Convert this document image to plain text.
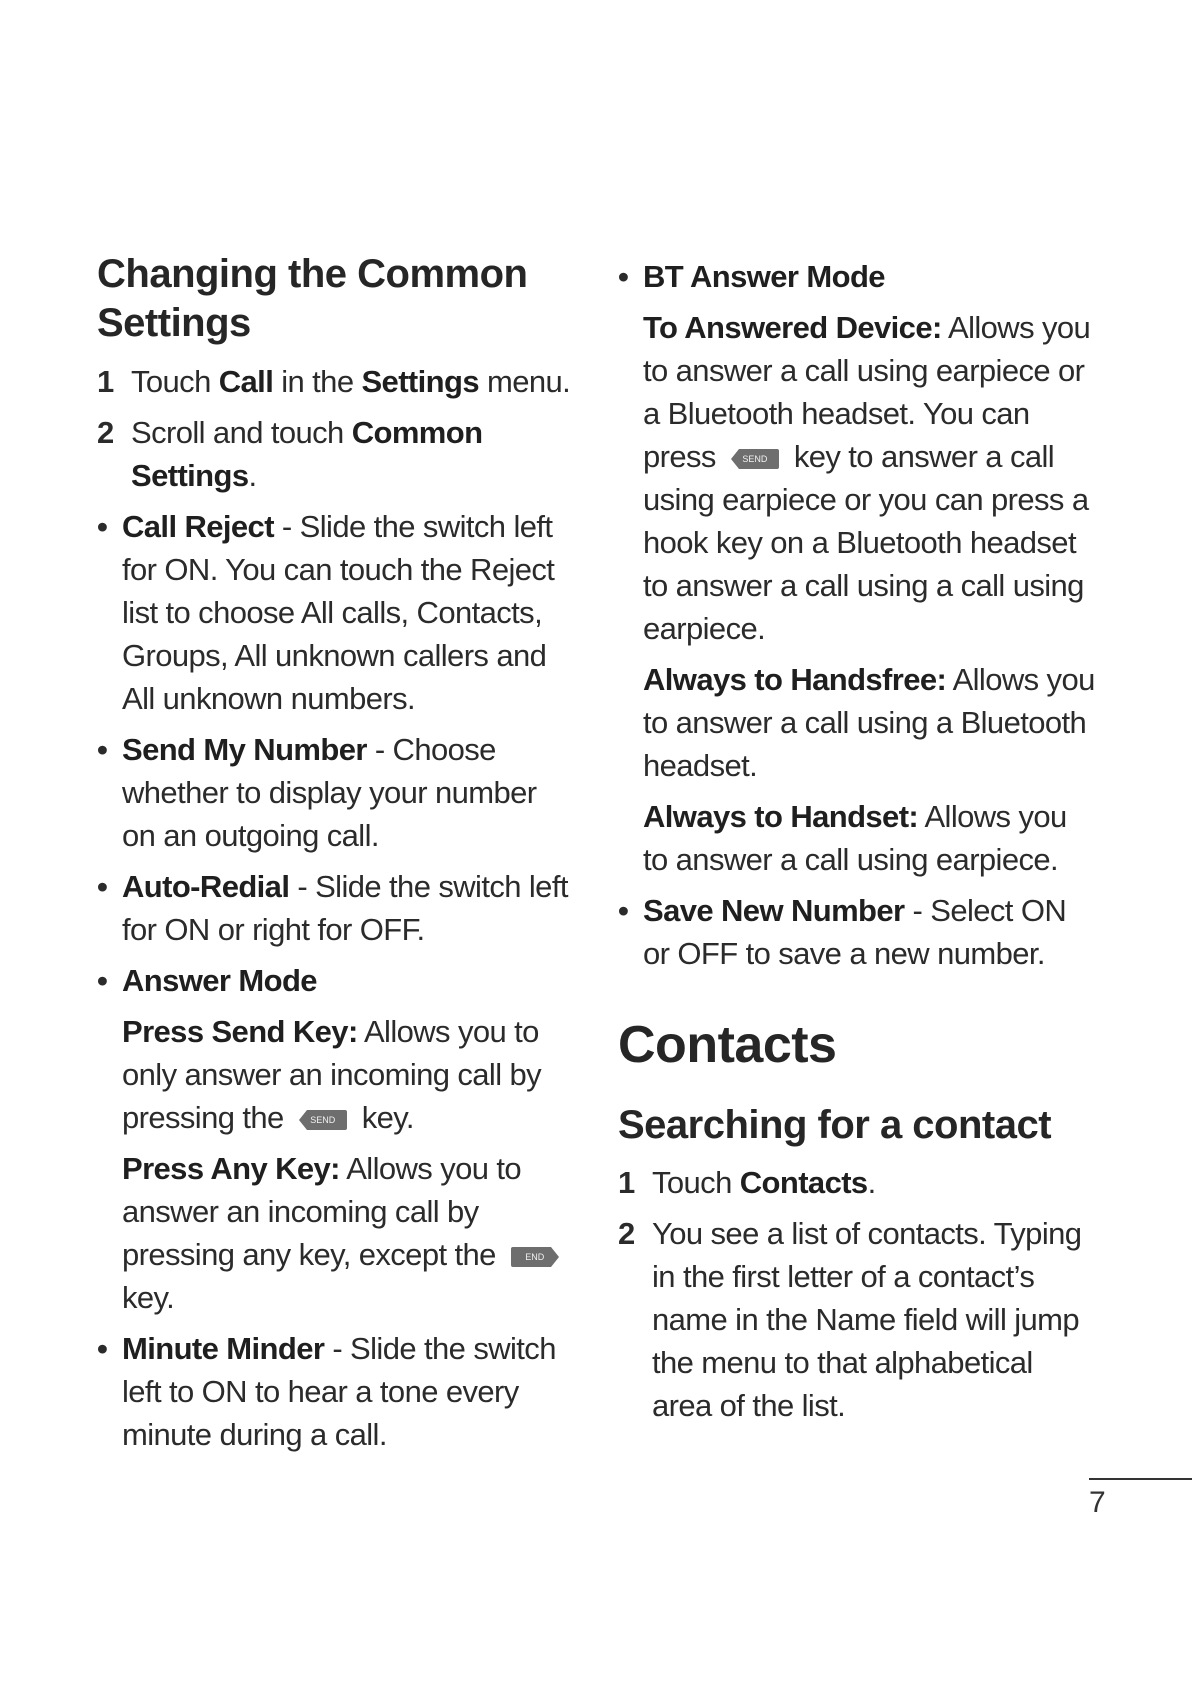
Changing the Common Settings
1 Touch Call in the Settings menu.
2 Scroll and touch Common Settings.
• Call Reject - Slide the switch left for ON. You can touch the Reject list to choose All calls, Contacts, Groups, All unknown callers and All unknown numbers.
• Send My Number - Choose whether to display your number on an outgoing call.
• Auto-Redial - Slide the switch left for ON or right for OFF.
• Answer Mode
Press Send Key: Allows you to only answer an incoming call by pressing the	SEND key.
Press Any Key: Allows you to answer an incoming call by pressing any key, except the	END
key.
• Minute Minder - Slide the switch left to ON to hear a tone every minute during a call.
• BT Answer Mode
To Answered Device: Allows you to answer a call using earpiece or a Bluetooth headset. You can press	SEND key to answer a call using earpiece or you can press a hook key on a Bluetooth headset to answer a call using a call using earpiece.
Always to Handsfree: Allows you to answer a call using a Bluetooth headset.
Always to Handset: Allows you to answer a call using earpiece.
• Save New Number - Select ON or OFF to save a new number.
Contacts
Searching for a contact
1 Touch Contacts.
2 You see a list of contacts. Typing in the first letter of a contact’s name in the Name field will jump the menu to that alphabetical area of the list.
7
